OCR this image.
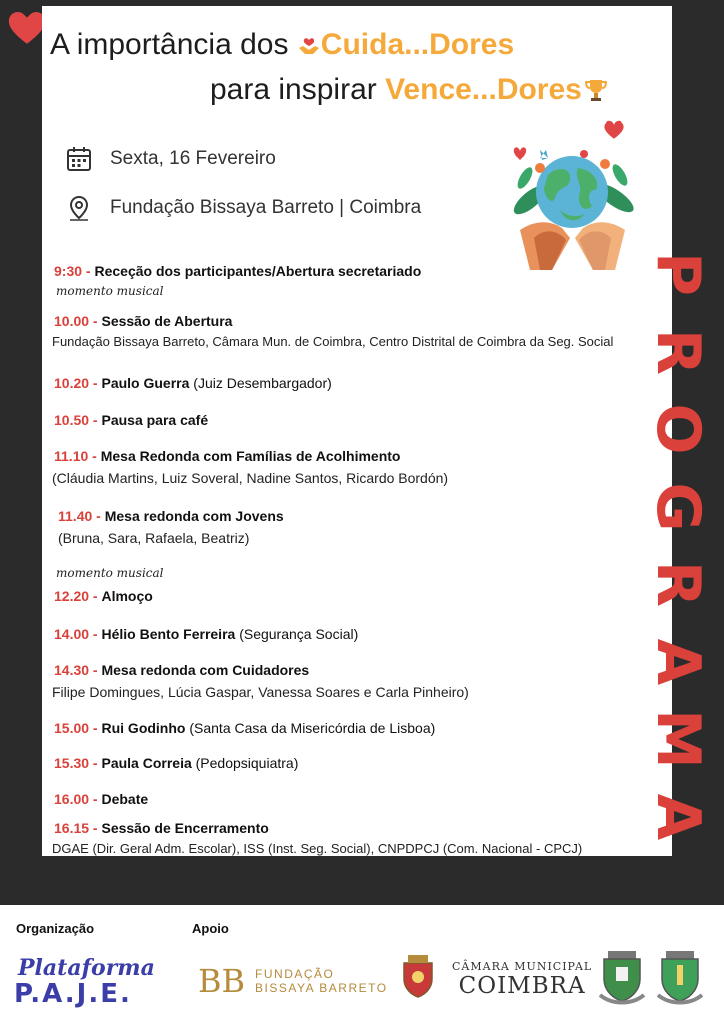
A importância dos Cuida...Dores
para inspirar Vence...Dores
Sexta, 16 Fevereiro
Fundação Bissaya Barreto | Coimbra
P
R
O
G
R
A
M
A
9:30 - Receção dos participantes/Abertura secretariado
momento musical
10.00 - Sessão de Abertura
Fundação Bissaya Barreto, Câmara Mun. de Coimbra, Centro Distrital de Coimbra da Seg. Social
10.20 - Paulo Guerra (Juiz Desembargador)
10.50 - Pausa para café
11.10 - Mesa Redonda com Famílias de Acolhimento
(Cláudia Martins, Luiz Soveral, Nadine Santos, Ricardo Bordón)
11.40 - Mesa redonda com Jovens
(Bruna, Sara, Rafaela, Beatriz)
momento musical
12.20 - Almoço
14.00 - Hélio Bento Ferreira (Segurança Social)
14.30 - Mesa redonda com Cuidadores
Filipe Domingues, Lúcia Gaspar, Vanessa Soares e Carla Pinheiro)
15.00 - Rui Godinho (Santa Casa da Misericórdia de Lisboa)
15.30 - Paula Correia (Pedopsiquiatra)
16.00 - Debate
16.15 - Sessão de Encerramento
DGAE (Dir. Geral Adm. Escolar), ISS (Inst. Seg. Social), CNPDPCJ (Com. Nacional - CPCJ)
Organização	Apoio
Plataforma
P.A.J.E. BB FUNDAÇÃO
BISSAYA BARRETO
CÂMARA MUNICIPAL
COIMBRA
